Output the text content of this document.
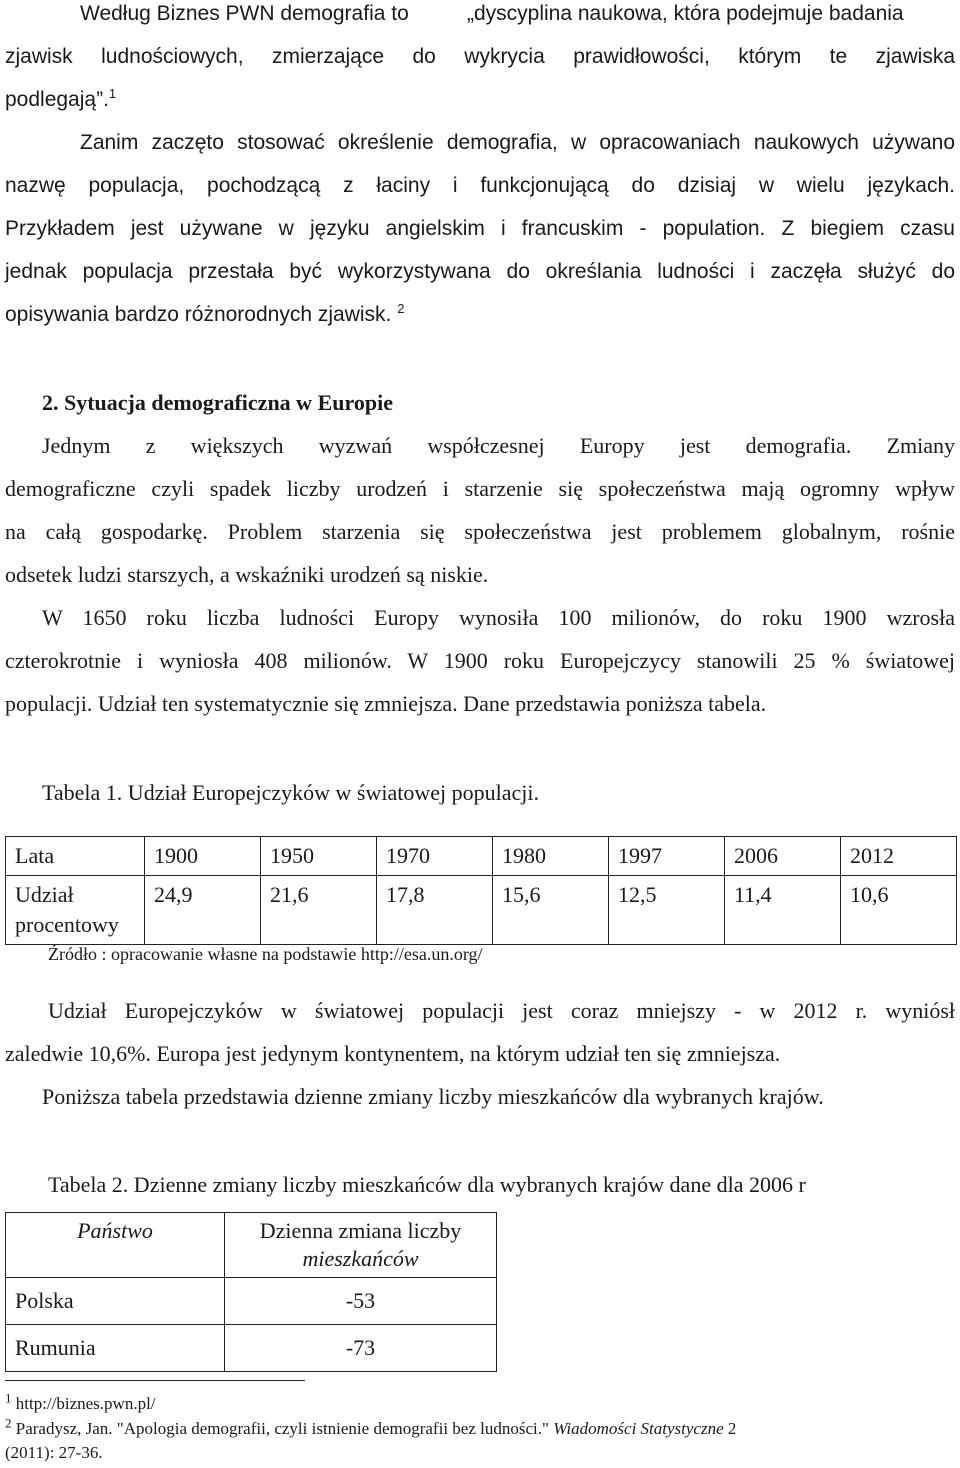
Według Biznes PWN demografia to	„dyscyplina naukowa, która podejmuje badania
zjawisk ludnościowych, zmierzające do wykrycia prawidłowości, którym te zjawiska
podlegają”.$^1$
Zanim zaczęto stosować określenie demografia, w opracowaniach naukowych używano
nazwę populacja, pochodzącą z łaciny i funkcjonującą do dzisiaj w wielu językach.
Przykładem jest używane w języku angielskim i francuskim - population. Z biegiem czasu
jednak populacja przestała być wykorzystywana do określania ludności i zaczęła służyć do
opisywania bardzo różnorodnych zjawisk. $^2$
2. Sytuacja demograficzna w Europie
Jednym z większych wyzwań współczesnej Europy jest demografia. Zmiany
demograficzne czyli spadek liczby urodzeń i starzenie się społeczeństwa mają ogromny wpływ
na całą gospodarkę. Problem starzenia się społeczeństwa jest problemem globalnym, rośnie
odsetek ludzi starszych, a wskaźniki urodzeń są niskie.
W 1650 roku liczba ludności Europy wynosiła 100 milionów, do roku 1900 wzrosła
czterokrotnie i wyniosła 408 milionów. W 1900 roku Europejczycy stanowili 25 % światowej
populacji. Udział ten systematycznie się zmniejsza. Dane przedstawia poniższa tabela.
Tabela 1. Udział Europejczyków w światowej populacji.
Lata	1900	1950	1970	1980	1997	2006	2012

Udział
procentowy	24,9	21,6	17,8	15,6	12,5	11,4	10,6
Źródło : opracowanie własne na podstawie http://esa.un.org/
Udział Europejczyków w światowej populacji jest coraz mniejszy - w 2012 r. wyniósł
zaledwie 10,6%. Europa jest jedynym kontynentem, na którym udział ten się zmniejsza.
Poniższa tabela przedstawia dzienne zmiany liczby mieszkańców dla wybranych krajów.
Tabela 2. Dzienne zmiany liczby mieszkańców dla wybranych krajów dane dla 2006 r
Państwo	Dzienna zmiana liczby
mieszkańców

Polska	-53
Rumunia	-73
$^1$ http://biznes.pwn.pl/
$^2$ Paradysz, Jan. "Apologia demografii, czyli istnienie demografii bez ludności." Wiadomości Statystyczne 2
(2011): 27-36.
